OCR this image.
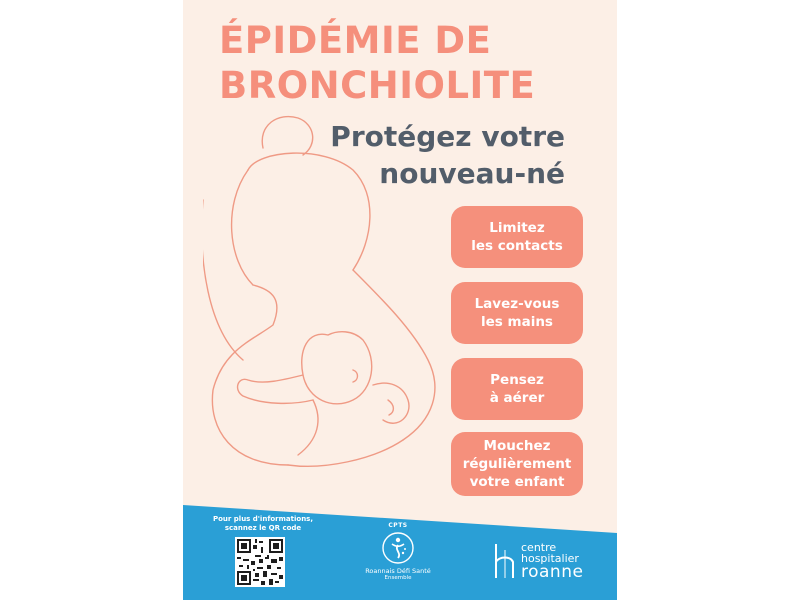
ÉPIDÉMIE DE
BRONCHIOLITE
Protégez votre
nouveau-né
Limitez
les contacts
Lavez-vous
les mains
Pensez
à aérer
Mouchez
régulièrement
votre enfant
Pour plus d'informations,
scannez le QR code	CPTS
Roannais Défi Santé
Ensemble
centre
hospitalier
roanne
